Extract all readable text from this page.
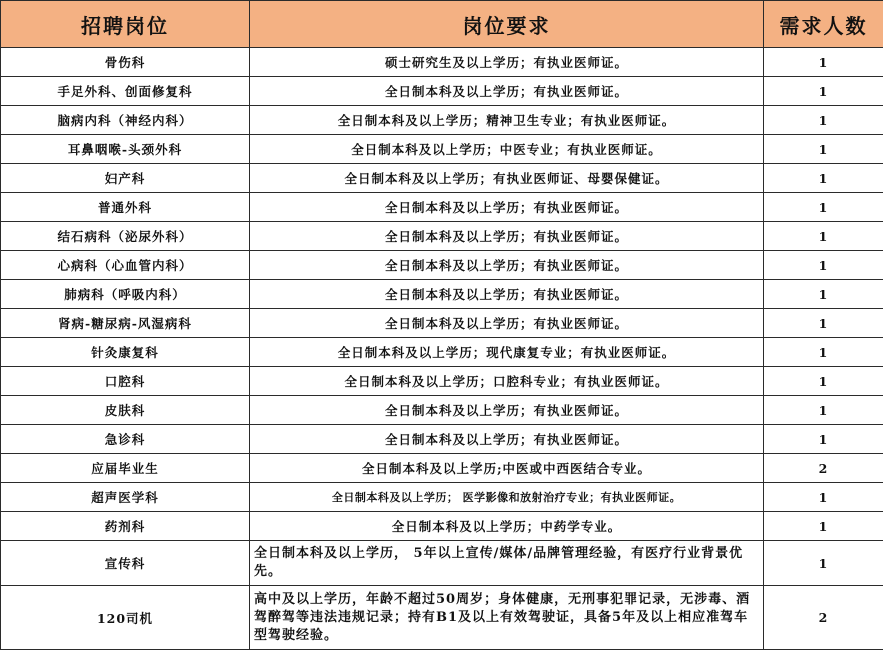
招聘岗位	岗位要求	需求人数
骨伤科	硕士研究生及以上学历；有执业医师证。	1
手足外科、创面修复科	全日制本科及以上学历；有执业医师证。	1
脑病内科（神经内科）	全日制本科及以上学历；精神卫生专业；有执业医师证。	1
耳鼻咽喉-头颈外科	全日制本科及以上学历；中医专业；有执业医师证。	1
妇产科	全日制本科及以上学历；有执业医师证、母婴保健证。	1
普通外科	全日制本科及以上学历；有执业医师证。	1
结石病科（泌尿外科）	全日制本科及以上学历；有执业医师证。	1
心病科（心血管内科）	全日制本科及以上学历；有执业医师证。	1
肺病科（呼吸内科）	全日制本科及以上学历；有执业医师证。	1
肾病-糖尿病-风湿病科	全日制本科及以上学历；有执业医师证。	1
针灸康复科	全日制本科及以上学历；现代康复专业；有执业医师证。	1
口腔科	全日制本科及以上学历；口腔科专业；有执业医师证。	1
皮肤科	全日制本科及以上学历；有执业医师证。	1
急诊科	全日制本科及以上学历；有执业医师证。	1
应届毕业生	全日制本科及以上学历;中医或中西医结合专业。	2
超声医学科	全日制本科及以上学历； 医学影像和放射治疗专业；有执业医师证。	1
药剂科	全日制本科及以上学历；中药学专业。	1
宣传科	全日制本科及以上学历， 5年以上宣传/媒体/品牌管理经验，有医疗行业背景优先。	1
120司机	高中及以上学历，年龄不超过50周岁；身体健康，无刑事犯罪记录，无涉毒、酒驾醉驾等违法违规记录；持有B1及以上有效驾驶证，具备5年及以上相应准驾车型驾驶经验。	2
